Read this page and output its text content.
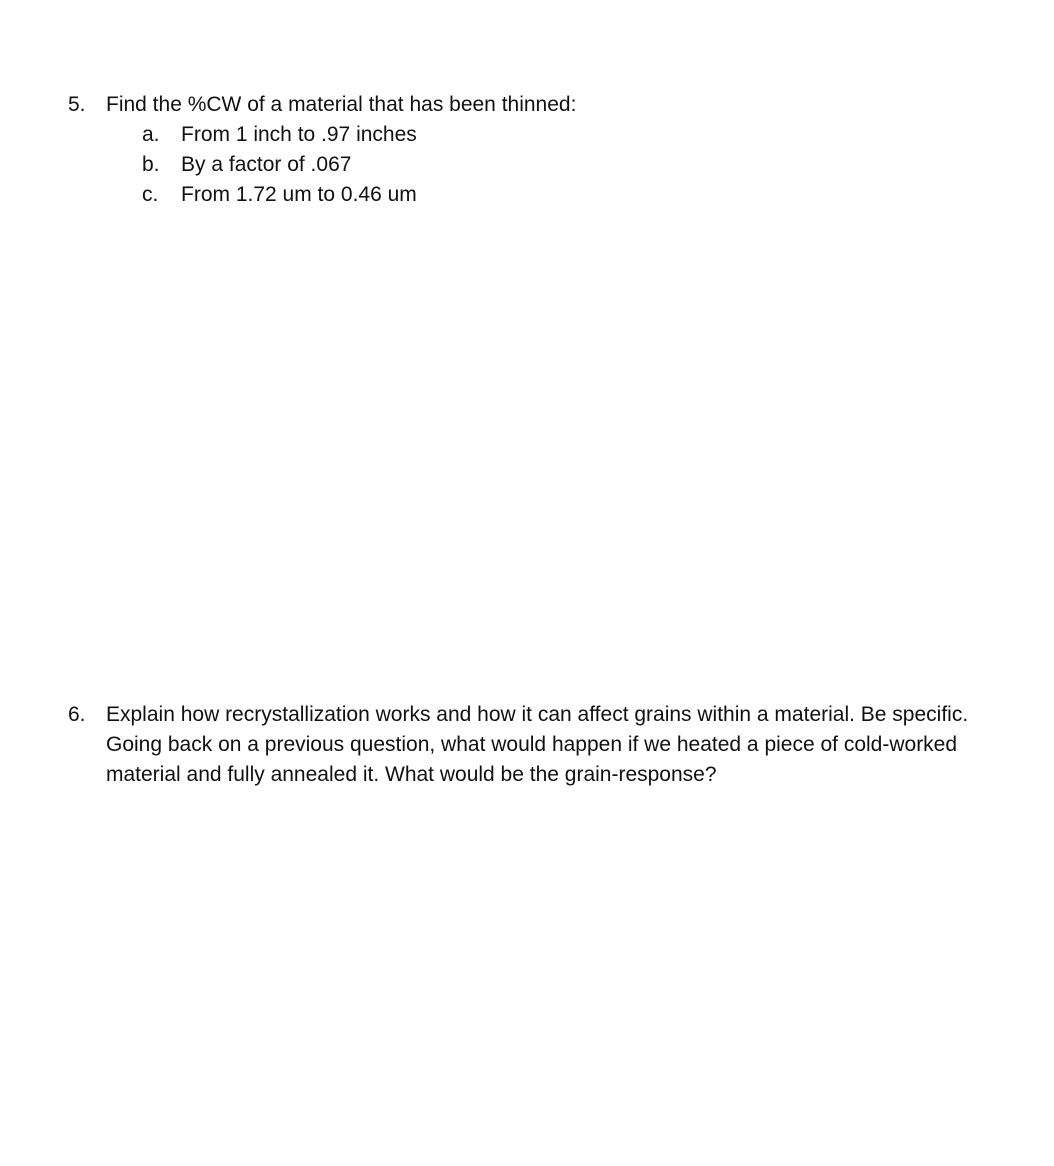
5. Find the %CW of a material that has been thinned:
a.	From 1 inch to .97 inches
b.	By a factor of .067
c.	From 1.72 um to 0.46 um
6. Explain how recrystallization works and how it can affect grains within a material. Be specific. Going back on a previous question, what would happen if we heated a piece of cold-worked material and fully annealed it. What would be the grain-response?
